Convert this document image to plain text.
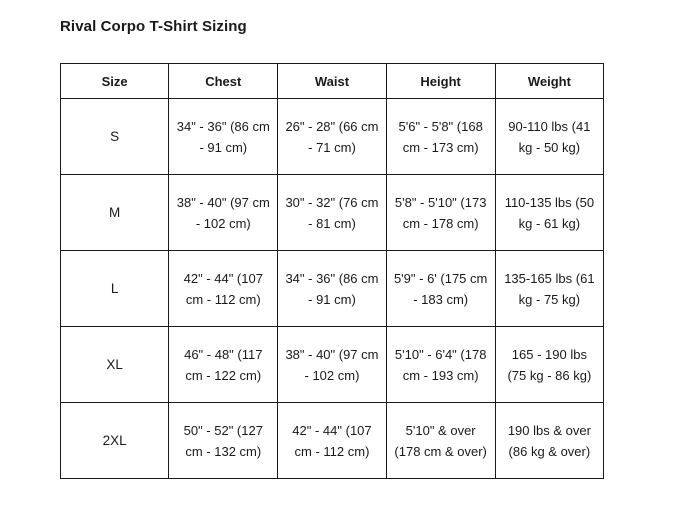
Rival Corpo T-Shirt Sizing
Size	Chest	Waist	Height	Weight
S	34" - 36" (86 cm - 91 cm)	26" - 28" (66 cm - 71 cm)	5'6" - 5'8" (168 cm - 173 cm)	90-110 lbs (41 kg - 50 kg)
M	38" - 40" (97 cm - 102 cm)	30" - 32" (76 cm - 81 cm)	5'8" - 5'10" (173 cm - 178 cm)	110-135 lbs (50 kg - 61 kg)
L	42" - 44" (107 cm - 112 cm)	34" - 36" (86 cm - 91 cm)	5'9" - 6' (175 cm - 183 cm)	135-165 lbs (61 kg - 75 kg)
XL	46" - 48" (117 cm - 122 cm)	38" - 40" (97 cm - 102 cm)	5'10" - 6'4" (178 cm - 193 cm)	165 - 190 lbs (75 kg - 86 kg)
2XL	50" - 52" (127 cm - 132 cm)	42" - 44" (107 cm - 112 cm)	5'10" & over (178 cm & over)	190 lbs & over (86 kg & over)
